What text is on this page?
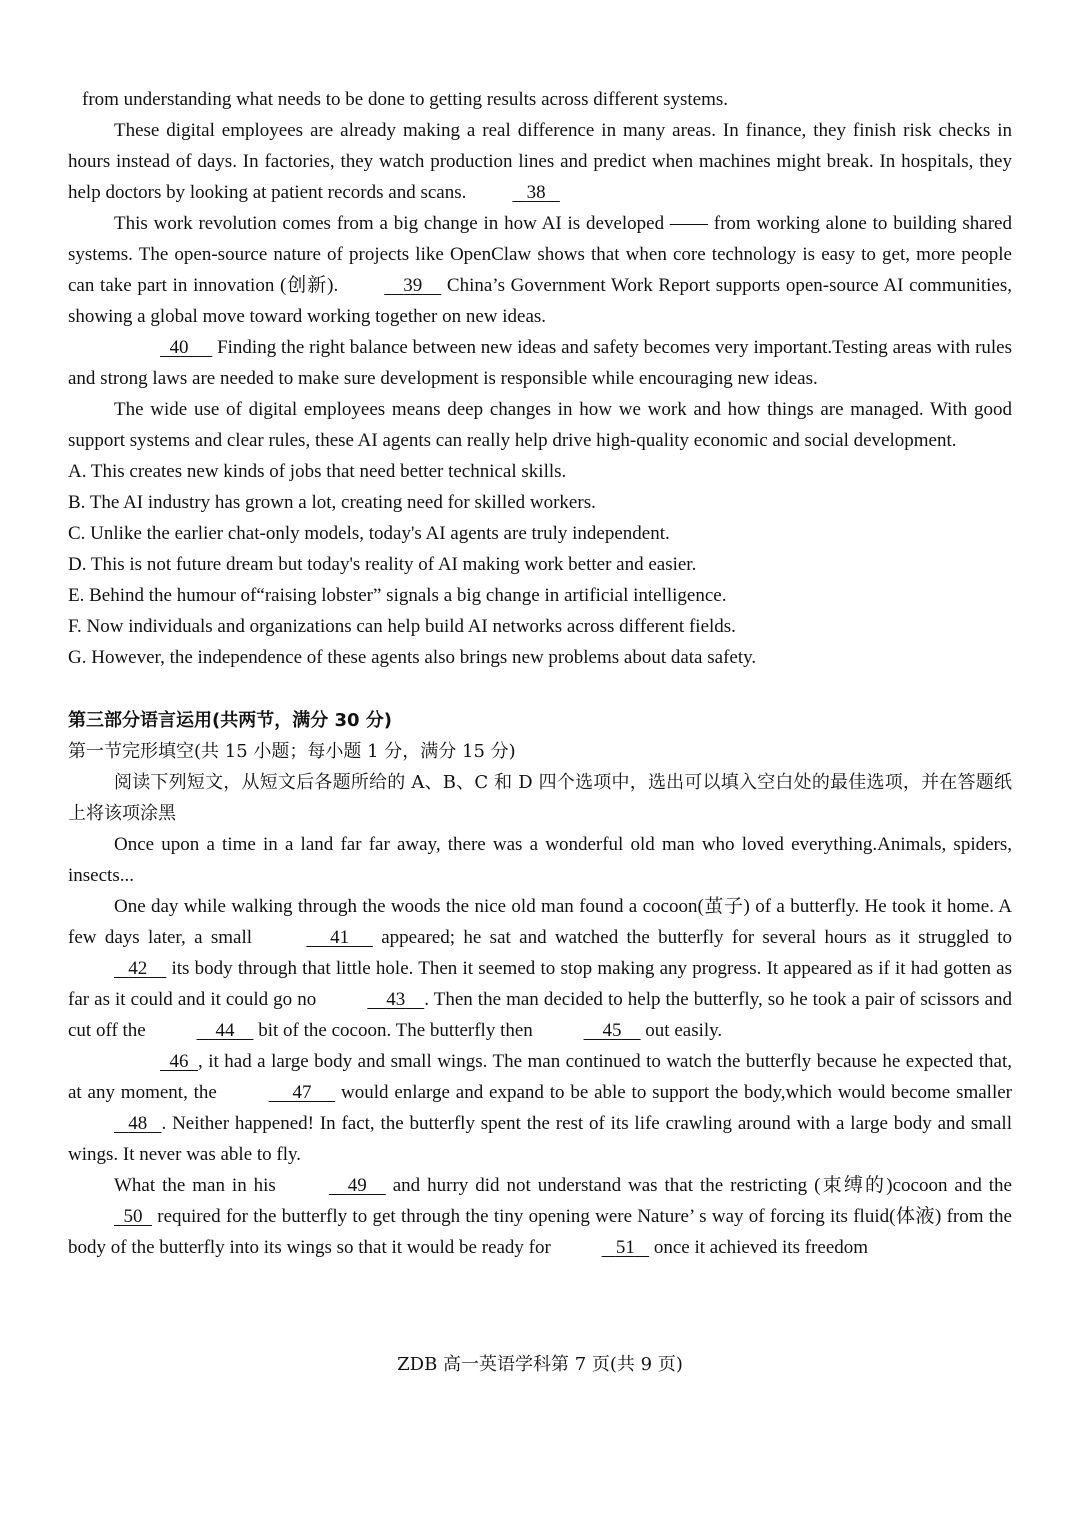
from understanding what needs to be done to getting results across different systems.

These digital employees are already making a real difference in many areas. In finance, they finish risk checks in hours instead of days. In factories, they watch production lines and predict when machines might break. In hospitals, they help doctors by looking at patient records and scans.	38

This work revolution comes from a big change in how AI is developed —— from working alone to building shared systems. The open-source nature of projects like OpenClaw shows that when core technology is easy to get, more people can take part in innovation (创新).	39     China’s Government Work Report supports open-source AI communities, showing a global move toward working together on new ideas.

40      Finding the right balance between new ideas and safety becomes very important.Testing areas with rules and strong laws are needed to make sure development is responsible while encouraging new ideas.

The wide use of digital employees means deep changes in how we work and how things are managed. With good support systems and clear rules, these AI agents can really help drive high-quality economic and social development.

A. This creates new kinds of jobs that need better technical skills.

B. The AI industry has grown a lot, creating need for skilled workers.

C. Unlike the earlier chat-only models, today's AI agents are truly independent.

D. This is not future dream but today's reality of AI making work better and easier.

E. Behind the humour of“raising lobster” signals a big change in artificial intelligence.

F. Now individuals and organizations can help build AI networks across different fields.

G. However, the independence of these agents also brings new problems about data safety.

第三部分语言运用(共两节，满分 30 分)

第一节完形填空(共 15 小题；每小题 1 分，满分 15 分)

阅读下列短文，从短文后各题所给的 A、B、C 和 D 四个选项中，选出可以填入空白处的最佳选项，并在答题纸上将该项涂黑

Once upon a time in a land far far away, there was a wonderful old man who loved everything.Animals, spiders, insects...

One day while walking through the woods the nice old man found a cocoon(茧子) of a butterfly. He took it home. A few days later, a small	41      appeared; he sat and watched the butterfly for several hours as it struggled to    42     its body through that little hole. Then it seemed to stop making any progress. It appeared as if it had gotten as far as it could and it could go no	43 . Then the man decided to help the butterfly, so he took a pair of scissors and cut off the	44     bit of the cocoon. The butterfly then	45     out easily.

46 , it had a large body and small wings. The man continued to watch the butterfly because he expected that, at any moment, the	47      would enlarge and expand to be able to support the body,which would become smaller    48 . Neither happened! In fact, the butterfly spent the rest of its life crawling around with a large body and small wings. It never was able to fly.

What the man in his	49     and hurry did not understand was that the restricting (束缚的)cocoon and the   50   required for the butterfly to get through the tiny opening were Nature’ s way of forcing its fluid(体液) from the body of the butterfly into its wings so that it would be ready for	51    once it achieved its freedom

ZDB 高一英语学科第 7 页(共 9 页)
